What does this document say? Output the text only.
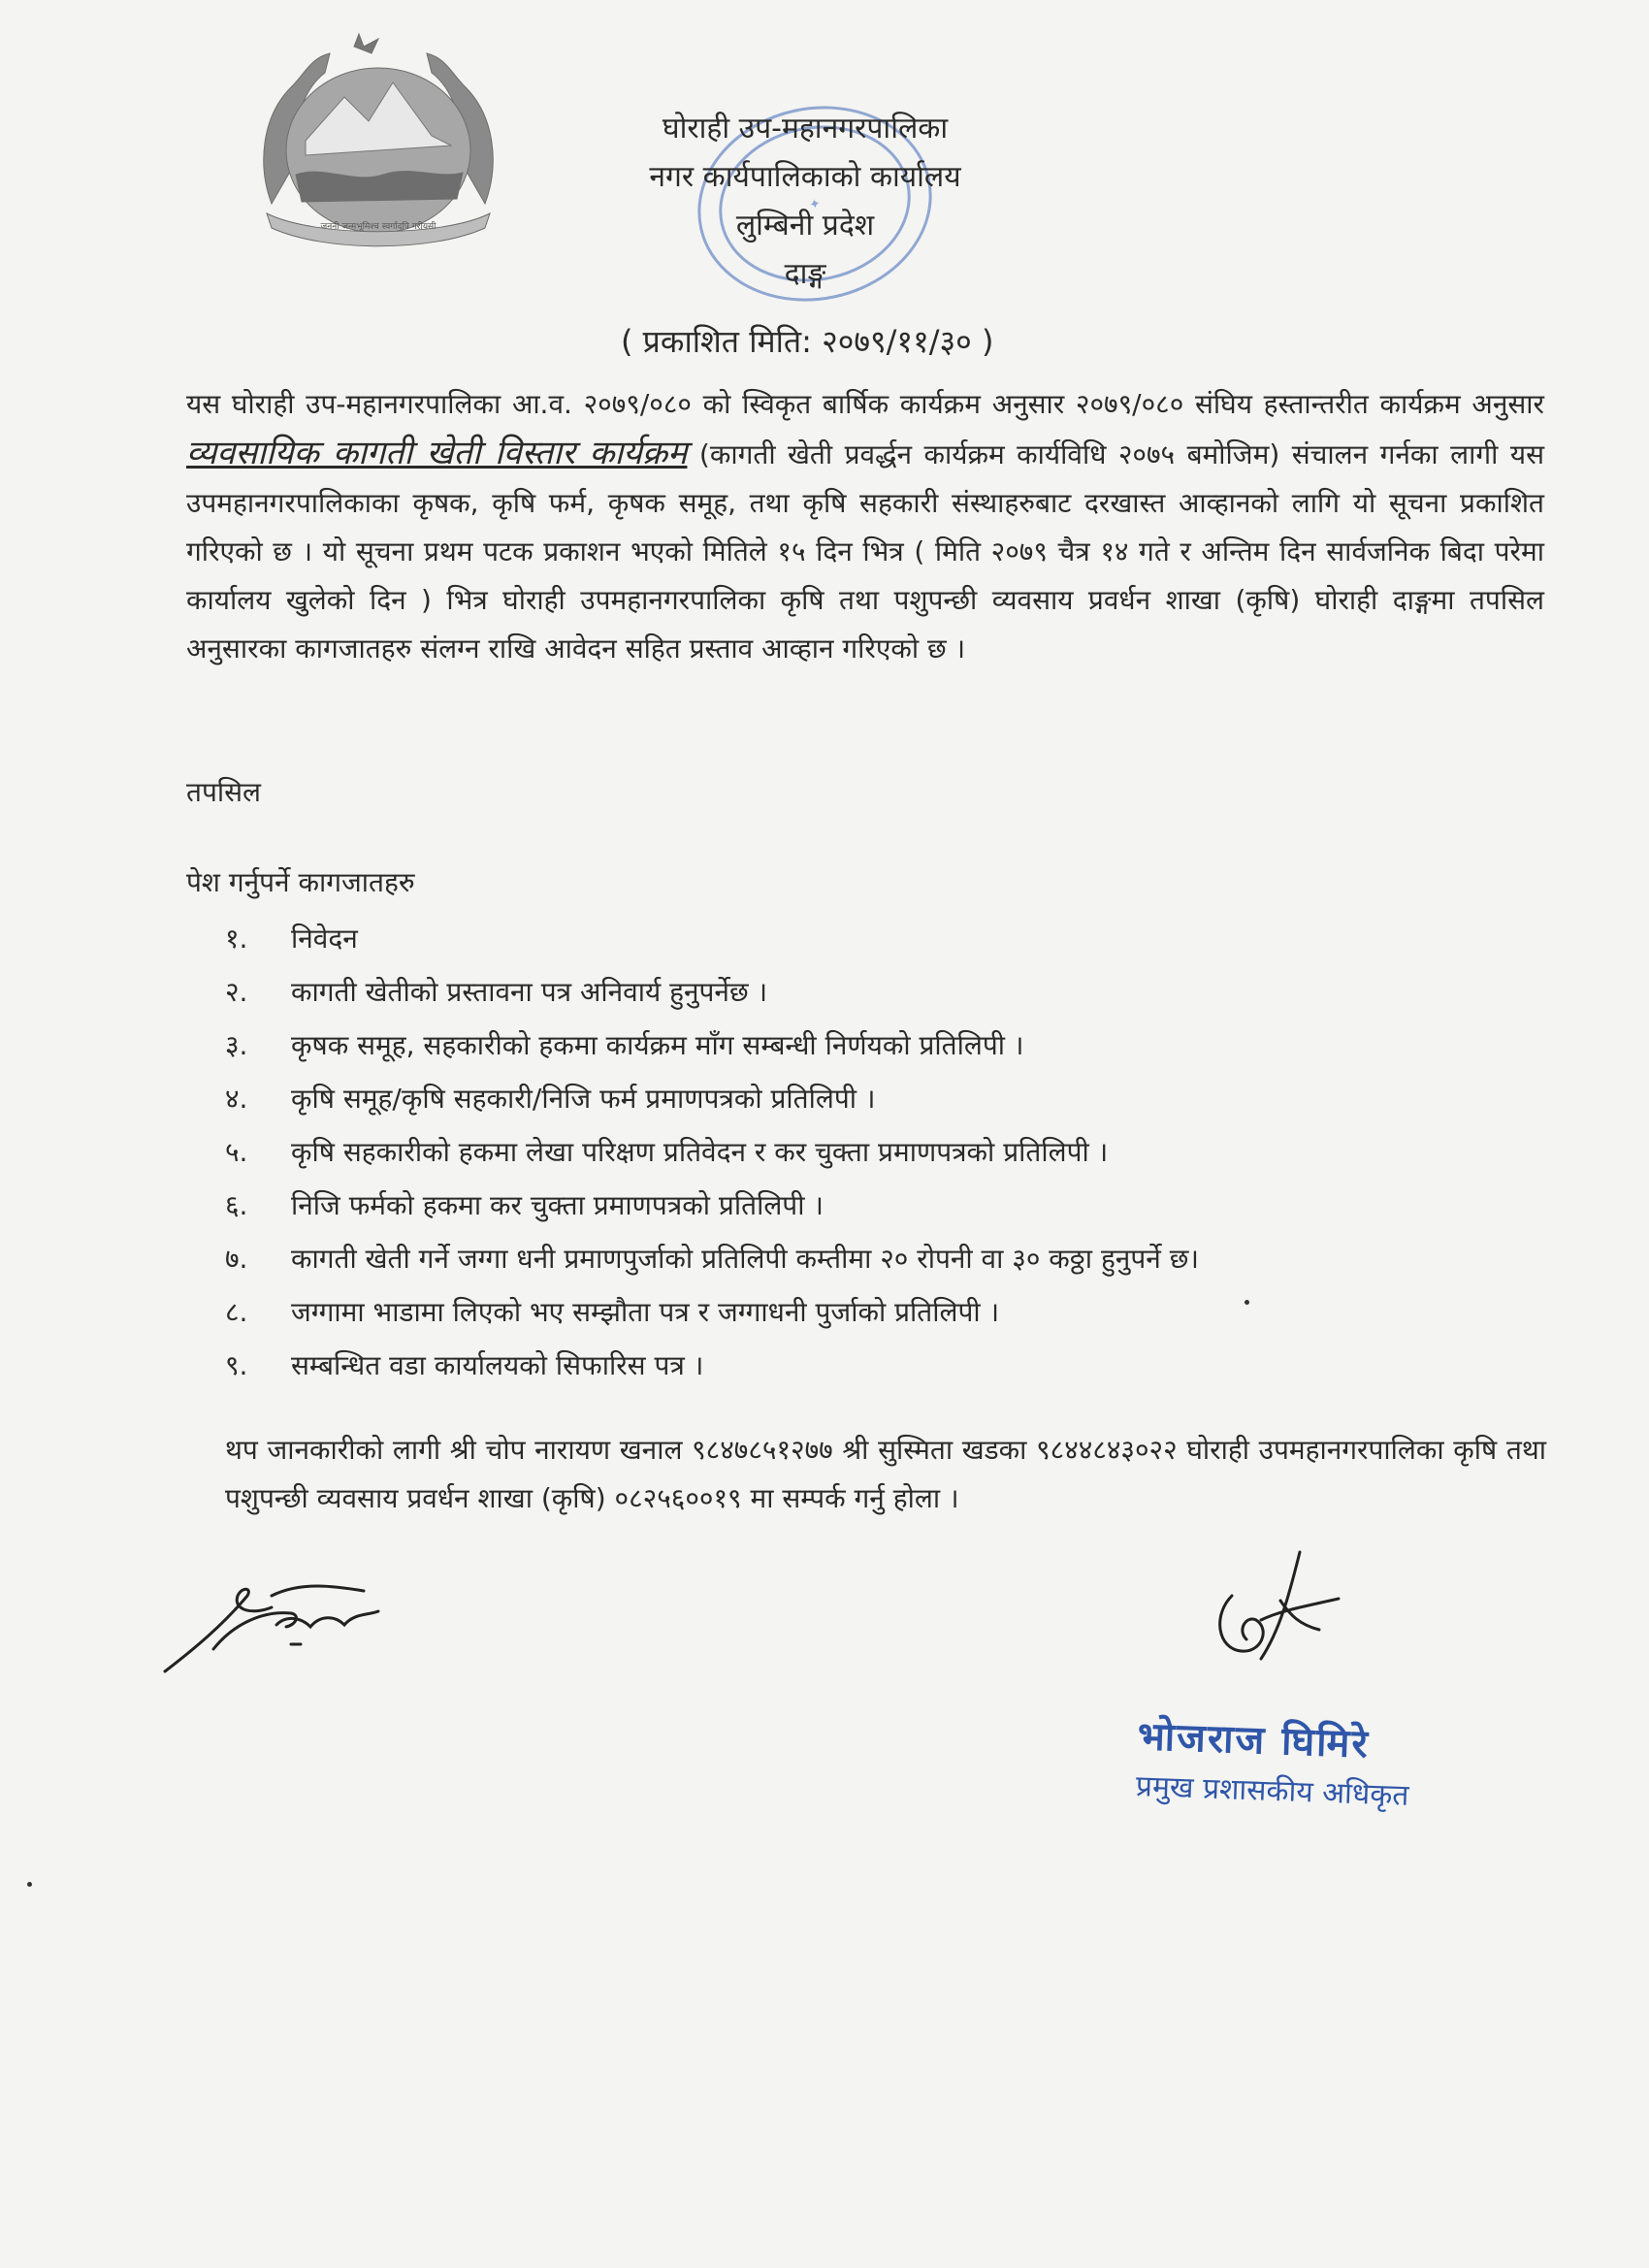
जननी जन्मभूमिश्च स्वर्गादपि गरीयसी
✦
घोराही उप-महानगरपालिका
नगर कार्यपालिकाको कार्यालय
लुम्बिनी प्रदेश
दाङ्ग
( प्रकाशित मिति: २०७९/११/३० )
यस घोराही उप-महानगरपालिका आ.व. २०७९/०८० को स्विकृत बार्षिक कार्यक्रम अनुसार २०७९/०८० संघिय हस्तान्तरीत कार्यक्रम अनुसार व्यवसायिक कागती खेती विस्तार कार्यक्रम (कागती खेती प्रवर्द्धन कार्यक्रम कार्यविधि २०७५ बमोजिम) संचालन गर्नका लागी यस उपमहानगरपालिकाका कृषक, कृषि फर्म, कृषक समूह, तथा कृषि सहकारी संस्थाहरुबाट दरखास्त आव्हानको लागि यो सूचना प्रकाशित गरिएको छ । यो सूचना प्रथम पटक प्रकाशन भएको मितिले १५ दिन भित्र ( मिति २०७९ चैत्र १४ गते र अन्तिम दिन सार्वजनिक बिदा परेमा कार्यालय खुलेको दिन ) भित्र घोराही उपमहानगरपालिका कृषि तथा पशुपन्छी व्यवसाय प्रवर्धन शाखा (कृषि) घोराही दाङ्गमा तपसिल अनुसारका कागजातहरु संलग्न राखि आवेदन सहित प्रस्ताव आव्हान गरिएको छ ।
तपसिल
पेश गर्नुपर्ने कागजातहरु
१. निवेदन
२. कागती खेतीको प्रस्तावना पत्र अनिवार्य हुनुपर्नेछ ।
३. कृषक समूह, सहकारीको हकमा कार्यक्रम माँग सम्बन्धी निर्णयको प्रतिलिपी ।
४. कृषि समूह/कृषि सहकारी/निजि फर्म प्रमाणपत्रको प्रतिलिपी ।
५. कृषि सहकारीको हकमा लेखा परिक्षण प्रतिवेदन र कर चुक्ता प्रमाणपत्रको प्रतिलिपी ।
६. निजि फर्मको हकमा कर चुक्ता प्रमाणपत्रको प्रतिलिपी ।
७. कागती खेती गर्ने जग्गा धनी प्रमाणपुर्जाको प्रतिलिपी कम्तीमा २० रोपनी वा ३० कठ्ठा हुनुपर्ने छ।
८. जग्गामा भाडामा लिएको भए सम्झौता पत्र र जग्गाधनी पुर्जाको प्रतिलिपी ।
९. सम्बन्धित वडा कार्यालयको सिफारिस पत्र ।
थप जानकारीको लागी श्री चोप नारायण खनाल ९८४७८५१२७७ श्री सुस्मिता खडका ९८४४८४३०२२ घोराही उपमहानगरपालिका कृषि तथा पशुपन्छी व्यवसाय प्रवर्धन शाखा (कृषि) ०८२५६००१९ मा सम्पर्क गर्नु होला ।
भोजराज घिमिरे
प्रमुख प्रशासकीय अधिकृत
